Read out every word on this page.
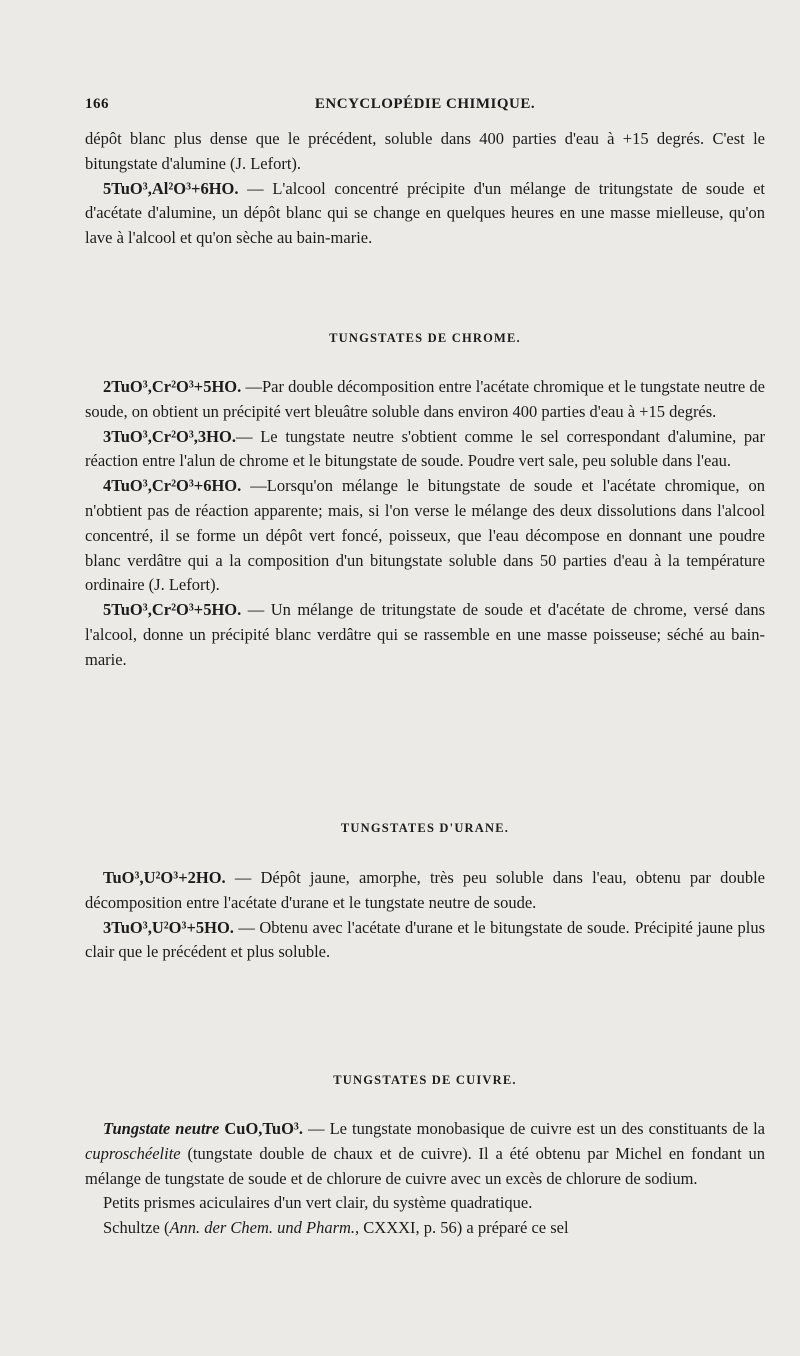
166	ENCYCLOPÉDIE CHIMIQUE.

dépôt blanc plus dense que le précédent, soluble dans 400 parties d'eau à +15 degrés. C'est le bitungstate d'alumine (J. Lefort).

5TuO³,Al²O³+6HO. — L'alcool concentré précipite d'un mélange de tritungstate de soude et d'acétate d'alumine, un dépôt blanc qui se change en quelques heures en une masse mielleuse, qu'on lave à l'alcool et qu'on sèche au bain-marie.

TUNGSTATES DE CHROME.

2TuO³,Cr²O³+5HO. —Par double décomposition entre l'acétate chromique et le tungstate neutre de soude, on obtient un précipité vert bleuâtre soluble dans environ 400 parties d'eau à +15 degrés.

3TuO³,Cr²O³,3HO.— Le tungstate neutre s'obtient comme le sel correspondant d'alumine, par réaction entre l'alun de chrome et le bitungstate de soude. Poudre vert sale, peu soluble dans l'eau.

4TuO³,Cr²O³+6HO. —Lorsqu'on mélange le bitungstate de soude et l'acétate chromique, on n'obtient pas de réaction apparente; mais, si l'on verse le mélange des deux dissolutions dans l'alcool concentré, il se forme un dépôt vert foncé, poisseux, que l'eau décompose en donnant une poudre blanc verdâtre qui a la composition d'un bitungstate soluble dans 50 parties d'eau à la température ordinaire (J. Lefort).

5TuO³,Cr²O³+5HO. — Un mélange de tritungstate de soude et d'acétate de chrome, versé dans l'alcool, donne un précipité blanc verdâtre qui se rassemble en une masse poisseuse; séché au bain-marie.

TUNGSTATES D'URANE.

TuO³,U²O³+2HO. — Dépôt jaune, amorphe, très peu soluble dans l'eau, obtenu par double décomposition entre l'acétate d'urane et le tungstate neutre de soude.

3TuO³,U²O³+5HO. — Obtenu avec l'acétate d'urane et le bitungstate de soude. Précipité jaune plus clair que le précédent et plus soluble.

TUNGSTATES DE CUIVRE.

Tungstate neutre CuO,TuO³. — Le tungstate monobasique de cuivre est un des constituants de la cuproschéelite (tungstate double de chaux et de cuivre). Il a été obtenu par Michel en fondant un mélange de tungstate de soude et de chlorure de cuivre avec un excès de chlorure de sodium.

Petits prismes aciculaires d'un vert clair, du système quadratique.

Schultze (Ann. der Chem. und Pharm., CXXXI, p. 56) a préparé ce sel
